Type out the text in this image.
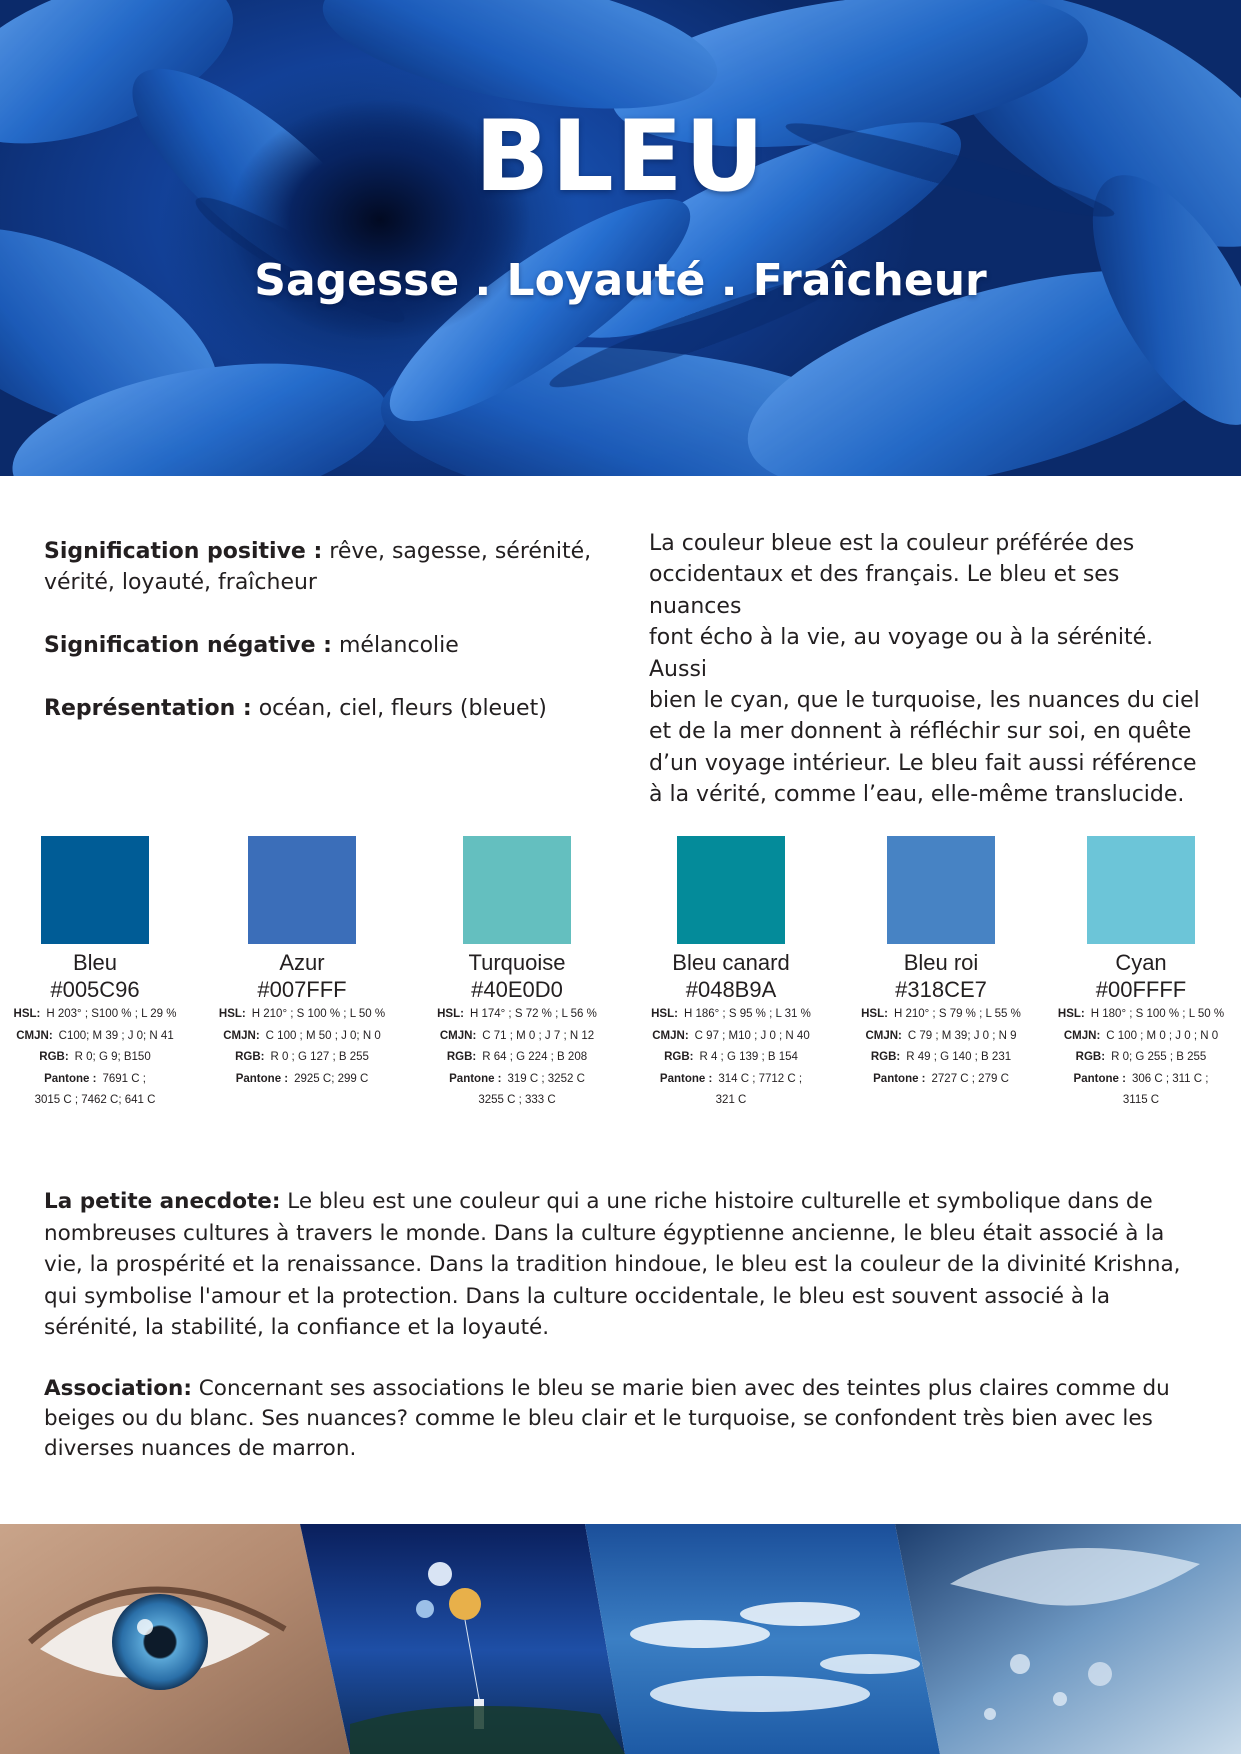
BLEU
Sagesse . Loyauté . Fraîcheur

Signification positive : rêve, sagesse, sérénité,
vérité, loyauté, fraîcheur

Signification négative : mélancolie

Représentation : océan, ciel, fleurs (bleuet)

La couleur bleue est la couleur préférée des
occidentaux et des français. Le bleu et ses nuances
font écho à la vie, au voyage ou à la sérénité. Aussi
bien le cyan, que le turquoise, les nuances du ciel
et de la mer donnent à réfléchir sur soi, en quête
d’un voyage intérieur. Le bleu fait aussi référence
à la vérité, comme l’eau, elle-même translucide.
Bleu
#005C96
HSL: H 203° ; S100 % ; L 29 %
CMJN: C100; M 39 ; J 0; N 41
RGB: R 0; G 9; B150
Pantone : 7691 C ;
3015 C ; 7462 C; 641 C
Azur
#007FFF
HSL: H 210° ; S 100 % ; L 50 %
CMJN: C 100 ; M 50 ; J 0; N 0
RGB: R 0 ; G 127 ; B 255
Pantone : 2925 C; 299 C
Turquoise
#40E0D0
HSL: H 174° ; S 72 % ; L 56 %
CMJN: C 71 ; M 0 ; J 7 ; N 12
RGB: R 64 ; G 224 ; B 208
Pantone : 319 C ; 3252 C
3255 C ; 333 C
Bleu canard
#048B9A
HSL: H 186° ; S 95 % ; L 31 %
CMJN: C 97 ; M10 ; J 0 ; N 40
RGB: R 4 ; G 139 ; B 154
Pantone : 314 C ; 7712 C ;
321 C
Bleu roi
#318CE7
HSL: H 210° ; S 79 % ; L 55 %
CMJN: C 79 ; M 39; J 0 ; N 9
RGB: R 49 ; G 140 ; B 231
Pantone : 2727 C ; 279 C
Cyan
#00FFFF
HSL: H 180° ; S 100 % ; L 50 %
CMJN: C 100 ; M 0 ; J 0 ; N 0
RGB: R 0; G 255 ; B 255
Pantone : 306 C ; 311 C ;
3115 C
La petite anecdote: Le bleu est une couleur qui a une riche histoire culturelle et symbolique dans de nombreuses cultures à travers le monde. Dans la culture égyptienne ancienne, le bleu était associé à la vie, la prospérité et la renaissance. Dans la tradition hindoue, le bleu est la couleur de la divinité Krishna, qui symbolise l'amour et la protection. Dans la culture occidentale, le bleu est souvent associé à la sérénité, la stabilité, la confiance et la loyauté.
Association: Concernant ses associations le bleu se marie bien avec des teintes plus claires comme du beiges ou du blanc. Ses nuances? comme le bleu clair et le turquoise, se confondent très bien avec les diverses nuances de marron.
